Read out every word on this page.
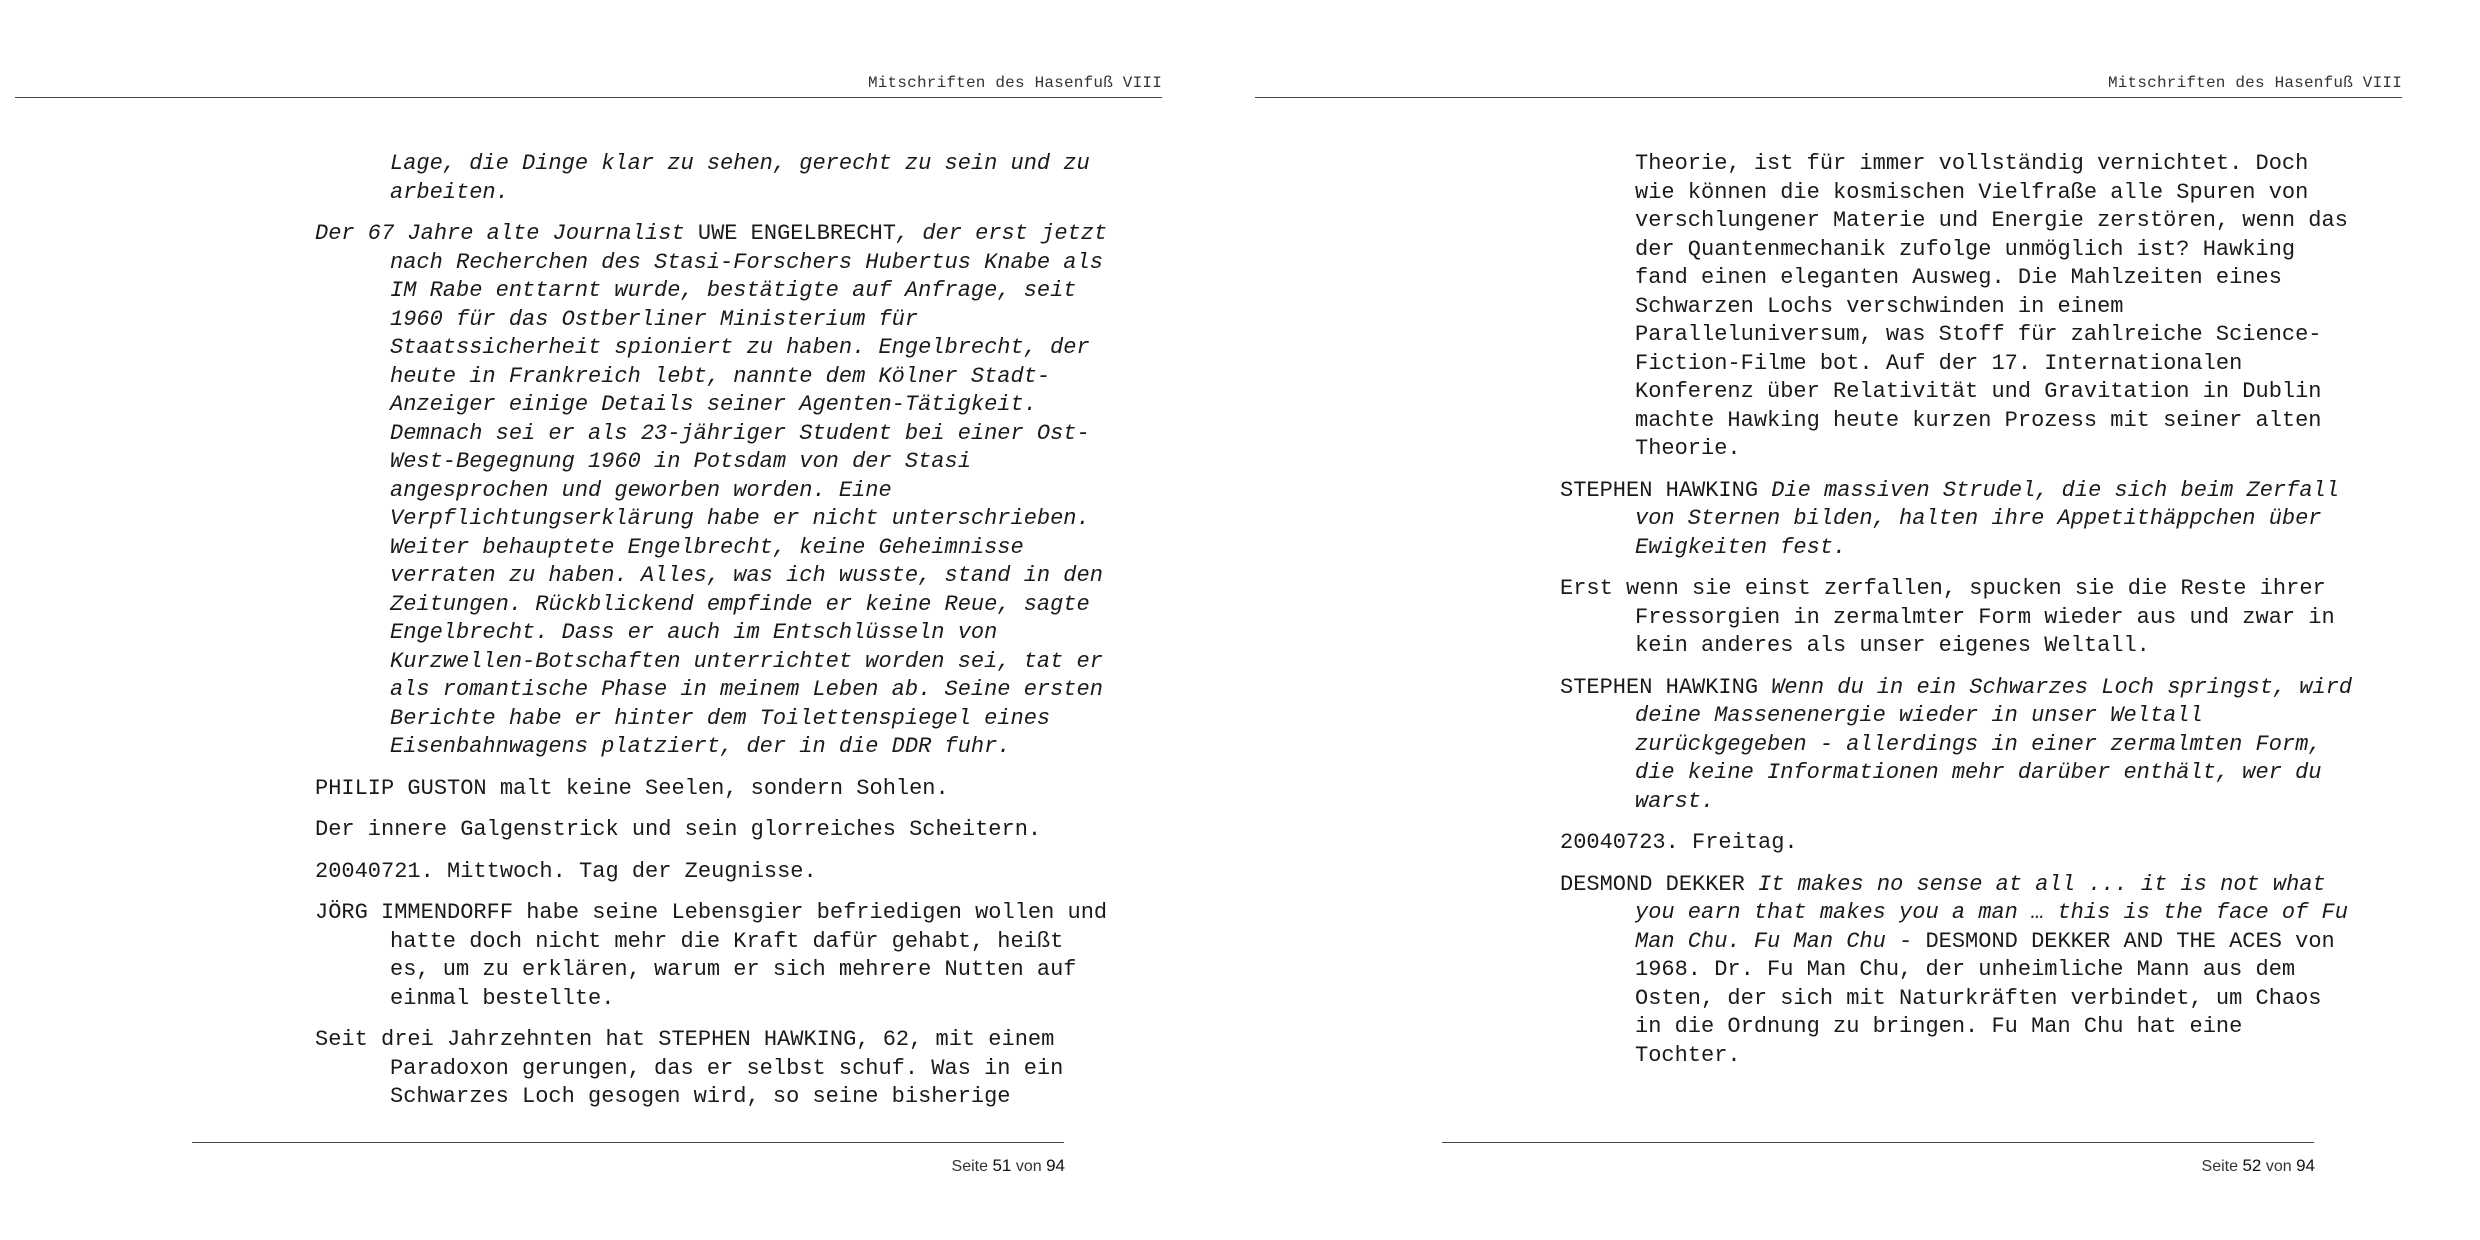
Mitschriften des Hasenfuß VIII

Lage, die Dinge klar zu sehen, gerecht zu sein und zu arbeiten.

Der 67 Jahre alte Journalist UWE ENGELBRECHT, der erst jetzt nach Recherchen des Stasi-Forschers Hubertus Knabe als IM Rabe enttarnt wurde, bestätigte auf Anfrage, seit 1960 für das Ostberliner Ministerium für Staatssicherheit spioniert zu haben. Engelbrecht, der heute in Frankreich lebt, nannte dem Kölner Stadt-Anzeiger einige Details seiner Agenten-Tätigkeit. Demnach sei er als 23-jähriger Student bei einer Ost-West-Begegnung 1960 in Potsdam von der Stasi angesprochen und geworben worden. Eine Verpflichtungserklärung habe er nicht unterschrieben. Weiter behauptete Engelbrecht, keine Geheimnisse verraten zu haben. Alles, was ich wusste, stand in den Zeitungen. Rückblickend empfinde er keine Reue, sagte Engelbrecht. Dass er auch im Entschlüsseln von Kurzwellen-Botschaften unterrichtet worden sei, tat er als romantische Phase in meinem Leben ab. Seine ersten Berichte habe er hinter dem Toilettenspiegel eines Eisenbahnwagens platziert, der in die DDR fuhr.

PHILIP GUSTON malt keine Seelen, sondern Sohlen.

Der innere Galgenstrick und sein glorreiches Scheitern.

20040721. Mittwoch. Tag der Zeugnisse.

JÖRG IMMENDORFF habe seine Lebensgier befriedigen wollen und hatte doch nicht mehr die Kraft dafür gehabt, heißt es, um zu erklären, warum er sich mehrere Nutten auf einmal bestellte.

Seit drei Jahrzehnten hat STEPHEN HAWKING, 62, mit einem Paradoxon gerungen, das er selbst schuf. Was in ein Schwarzes Loch gesogen wird, so seine bisherige

Seite 51 von 94
Mitschriften des Hasenfuß VIII

Theorie, ist für immer vollständig vernichtet. Doch wie können die kosmischen Vielfraße alle Spuren von verschlungener Materie und Energie zerstören, wenn das der Quantenmechanik zufolge unmöglich ist? Hawking fand einen eleganten Ausweg. Die Mahlzeiten eines Schwarzen Lochs verschwinden in einem Paralleluniversum, was Stoff für zahlreiche Science-Fiction-Filme bot. Auf der 17. Internationalen Konferenz über Relativität und Gravitation in Dublin machte Hawking heute kurzen Prozess mit seiner alten Theorie.

STEPHEN HAWKING Die massiven Strudel, die sich beim Zerfall von Sternen bilden, halten ihre Appetithäppchen über Ewigkeiten fest.

Erst wenn sie einst zerfallen, spucken sie die Reste ihrer Fressorgien in zermalmter Form wieder aus und zwar in kein anderes als unser eigenes Weltall.

STEPHEN HAWKING Wenn du in ein Schwarzes Loch springst, wird deine Massenenergie wieder in unser Weltall zurückgegeben - allerdings in einer zermalmten Form, die keine Informationen mehr darüber enthält, wer du warst.

20040723. Freitag.

DESMOND DEKKER It makes no sense at all ... it is not what you earn that makes you a man … this is the face of Fu Man Chu. Fu Man Chu - DESMOND DEKKER AND THE ACES von 1968. Dr. Fu Man Chu, der unheimliche Mann aus dem Osten, der sich mit Naturkräften verbindet, um Chaos in die Ordnung zu bringen. Fu Man Chu hat eine Tochter.

Seite 52 von 94
